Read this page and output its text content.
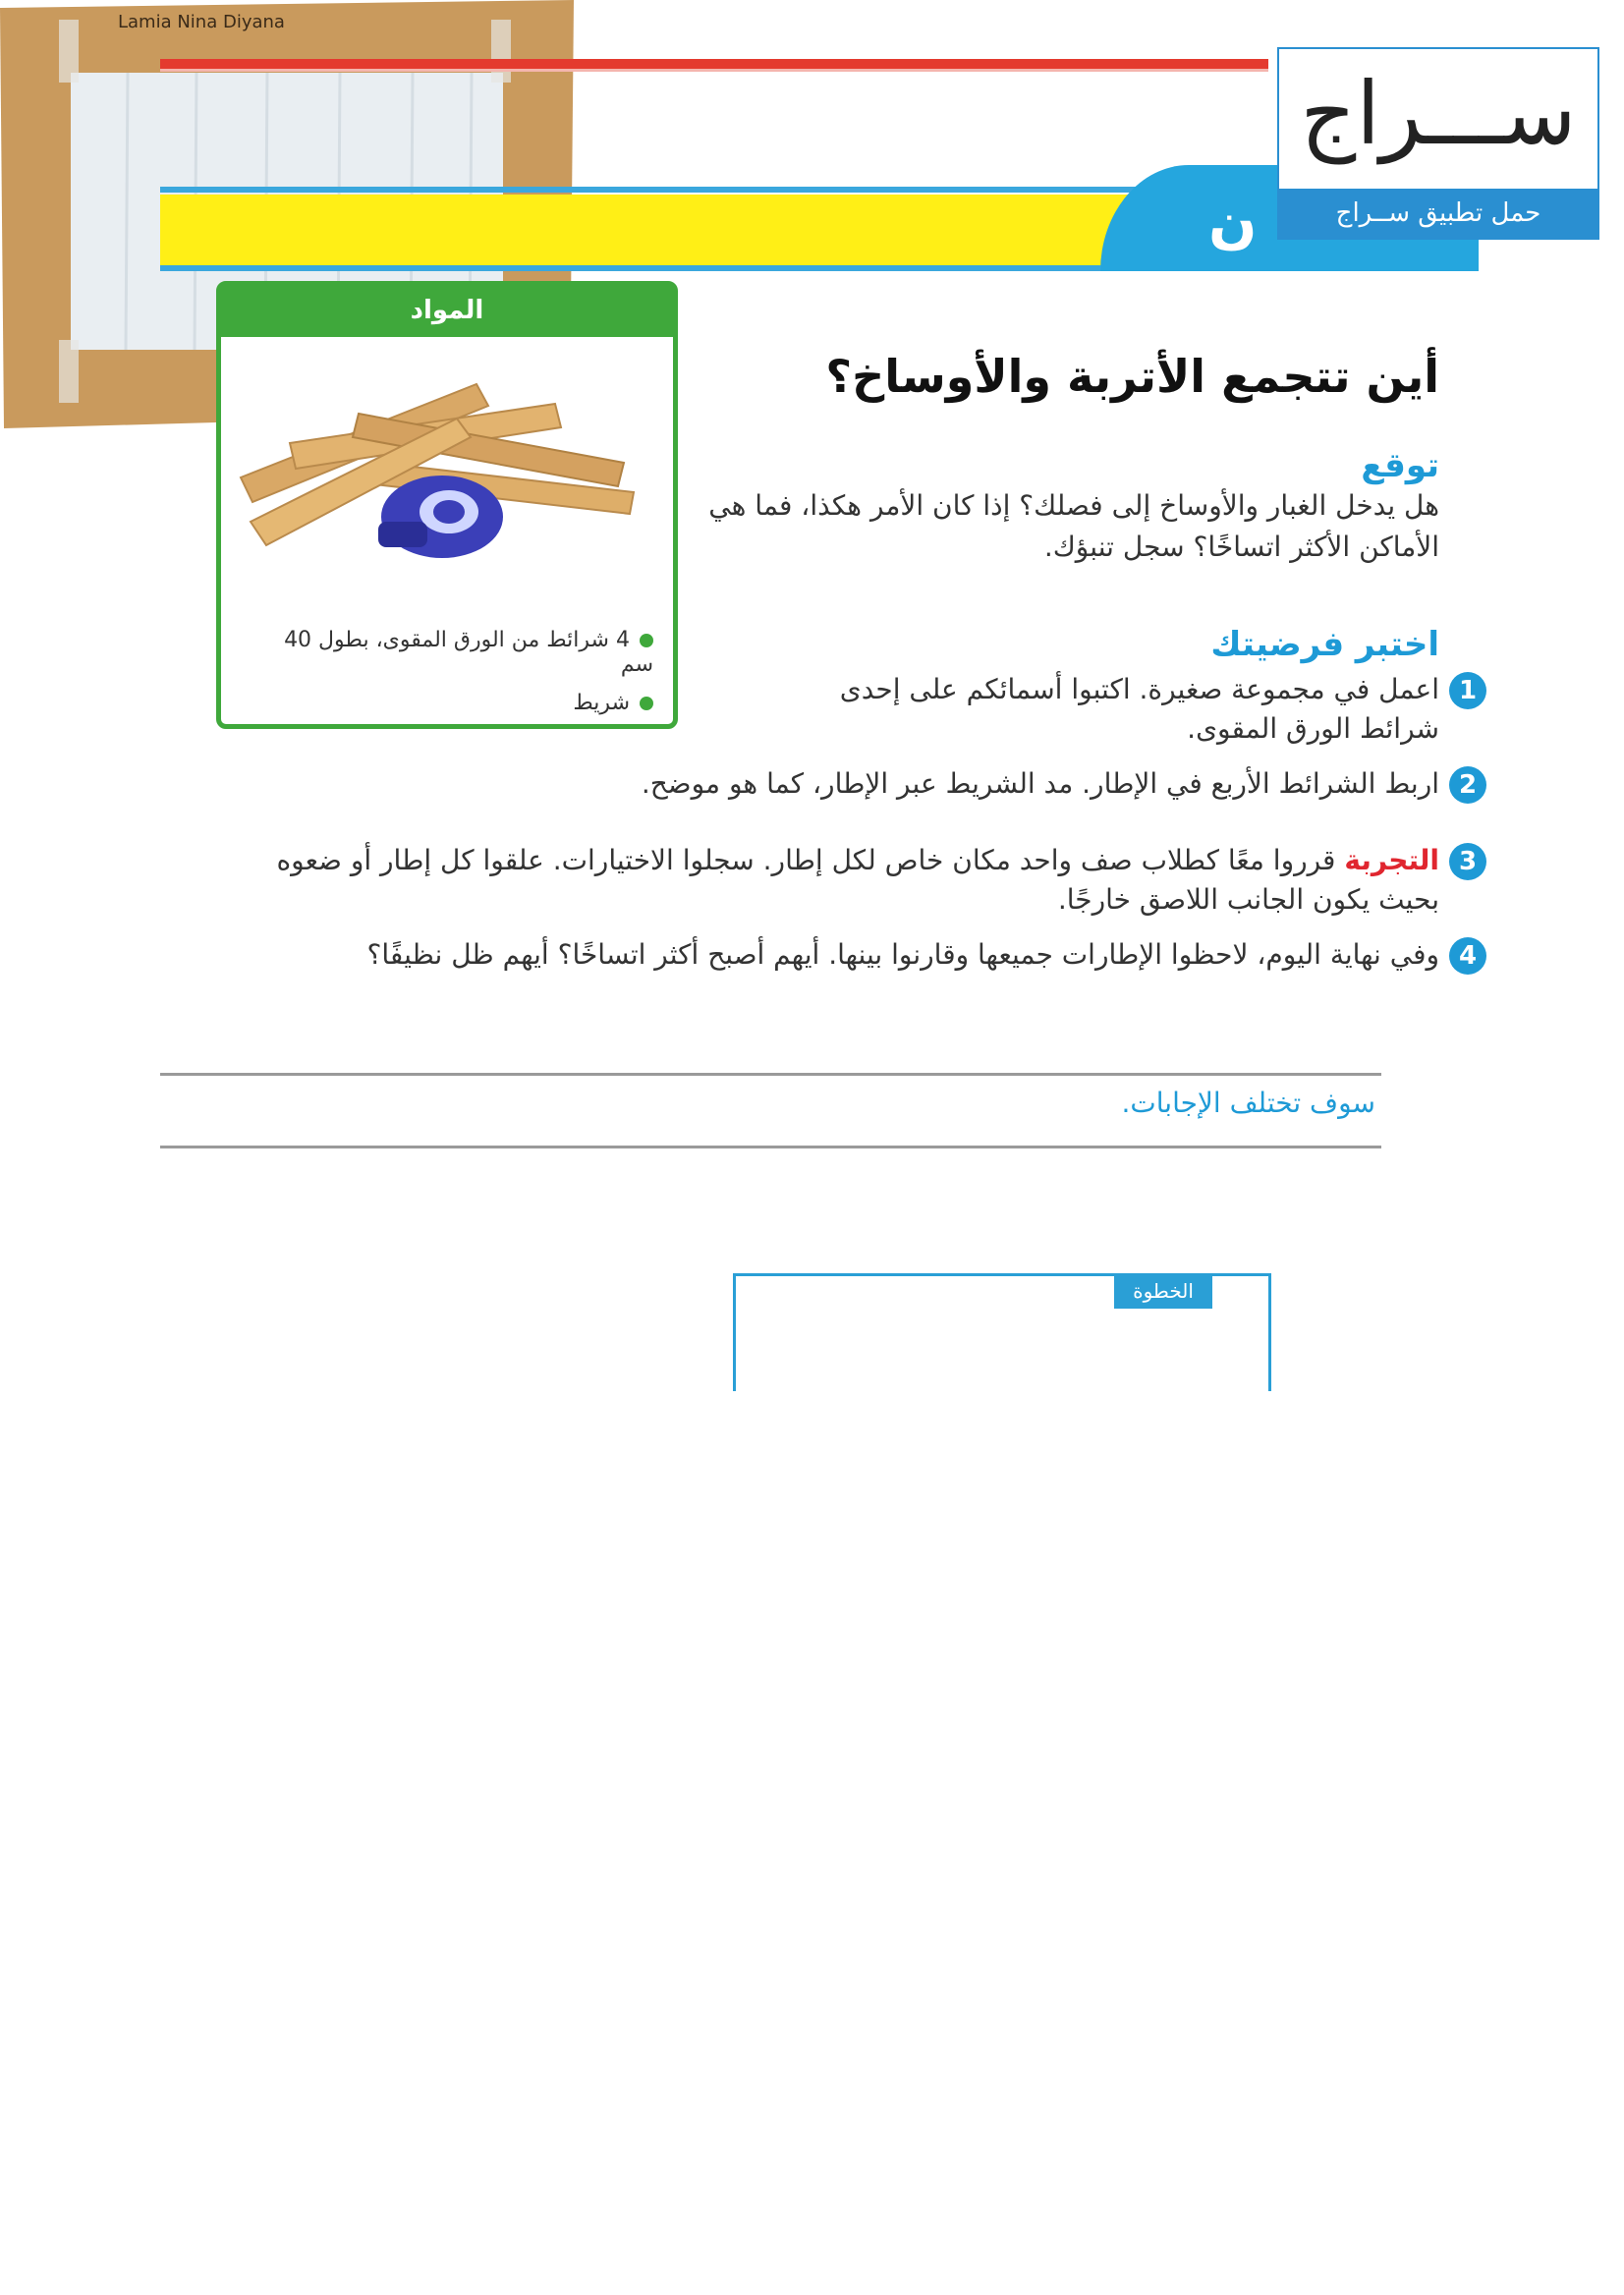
ن
ســـراج
حمل تطبيق ســراج
المواد
4 شرائط من الورق المقوى، بطول 40 سم
شريط
أين تتجمع الأتربة والأوساخ؟
توقع
هل يدخل الغبار والأوساخ إلى فصلك؟ إذا كان الأمر هكذا، فما هي الأماكن الأكثر اتساخًا؟ سجل تنبؤك.
اختبر فرضيتك
1
اعمل في مجموعة صغيرة. اكتبوا أسمائكم على إحدى شرائط الورق المقوى.
2
اربط الشرائط الأربع في الإطار. مد الشريط عبر الإطار، كما هو موضح.
3
التجربة قرروا معًا كطلاب صف واحد مكان خاص لكل إطار. سجلوا الاختيارات. علقوا كل إطار أو ضعوه بحيث يكون الجانب اللاصق خارجًا.
4
وفي نهاية اليوم، لاحظوا الإطارات جميعها وقارنوا بينها. أيهم أصبح أكثر اتساخًا؟ أيهم ظل نظيفًا؟
سوف تختلف الإجابات.
الخطوة
Lamia Nina Diyana
